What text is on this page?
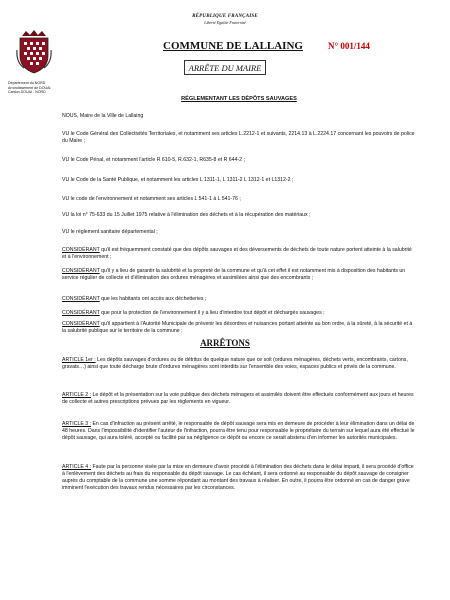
RÉPUBLIQUE FRANÇAISE
Liberté Egalité Fraternité
Département du NORD
Arrondissement de DOUAI
Canton DOUAI - NORD
COMMUNE DE LALLAING	N° 001/144
ARRÊTE DU MAIRE
RÉGLEMENTANT LES DÉPÔTS SAUVAGES
NOUS, Maire de la Ville de Lallaing
VU le Code Général des Collectivités Territoriales, et notamment ses articles L.2212-1 et suivants, 2214.13 à L.2224.17 concernant les pouvoirs de police du Maire ;
VU le Code Pénal, et notamment l'article R 610-5, R.632-1, R635-8 et R 644-2 ;
VU le Code de la Santé Publique, et notamment les articles L 1311-1, L 1311-2 L 1312-1 et L1312-2 ;
VU le code de l'environnement et notamment ses articles L 541-1 à L 541-76 ;
VU la loi n° 75-633 du 15 Juillet 1975 relative à l'élimination des déchets et à la récupération des matériaux ;
VU le règlement sanitaire départemental ;
CONSIDÉRANT qu'il est fréquemment constaté que des dépôts sauvages et des déversements de déchets de toute nature portent atteinte à la salubrité et à l'environnement ;
CONSIDÉRANT qu'il y a lieu de garantir la salubrité et la propreté de la commune et qu'à cet effet il est notamment mis à disposition des habitants un service régulier de collecte et d'élimination des ordures ménagères et assimilées ainsi que des encombrants ;
CONSIDÉRANT que les habitants ont accès aux déchetteries ;
CONSIDÉRANT que pour la protection de l'environnement il y a lieu d'interdire tout dépôt et déchargés sauvages ;
CONSIDÉRANT qu'il appartient à l'Autorité Municipale de prévenir les désordres et nuisances portant atteinte au bon ordre, à la sûreté, à la sécurité et à la salubrité publique sur le territoire de la commune ;
ARRÊTONS
ARTICLE 1er : Les dépôts sauvages d'ordures ou de détritus de quelque nature que ce soit (ordures ménagères, déchets verts, encombrants, cartons, gravats…) ainsi que toute décharge brute d'ordures ménagères sont interdits sur l'ensemble des voies, espaces publics et privés de la commune.
ARTICLE 2 : Le dépôt et la présentation sur la voie publique des déchets ménagers et assimilés doivent être effectués conformément aux jours et heures de collecte et autres prescriptions prévues par les règlements en vigueur.
ARTICLE 3 : En cas d'infraction au présent arrêté, le responsable de dépôt sauvage sera mis en demeure de procéder à leur élimination dans un délai de 48 heures. Dans l'impossibilité d'identifier l'auteur de l'infraction, pourra être tenu pour responsable le propriétaire du terrain sur lequel aura été effectué le dépôt sauvage, qui aura toléré, accepté ou facilité par sa négligence ce dépôt ou encore ce serait abstenu d'en informer les autorités municipales.
ARTICLE 4 : Faute par la personne visée par la mise en demeure d'avoir procédé à l'élimination des déchets dans le délai imparti, il sera procédé d'office à l'enlèvement des déchets au frais du responsable du dépôt sauvage. Le cas échéant, il sera ordonné au responsable du dépôt sauvage de consigner auprès du comptable de la commune une somme répondant au montant des travaux à réaliser. En outre, il pourra être ordonné en cas de danger grave imminent l'exécution des travaux rendus nécessaires par les circonstances.
